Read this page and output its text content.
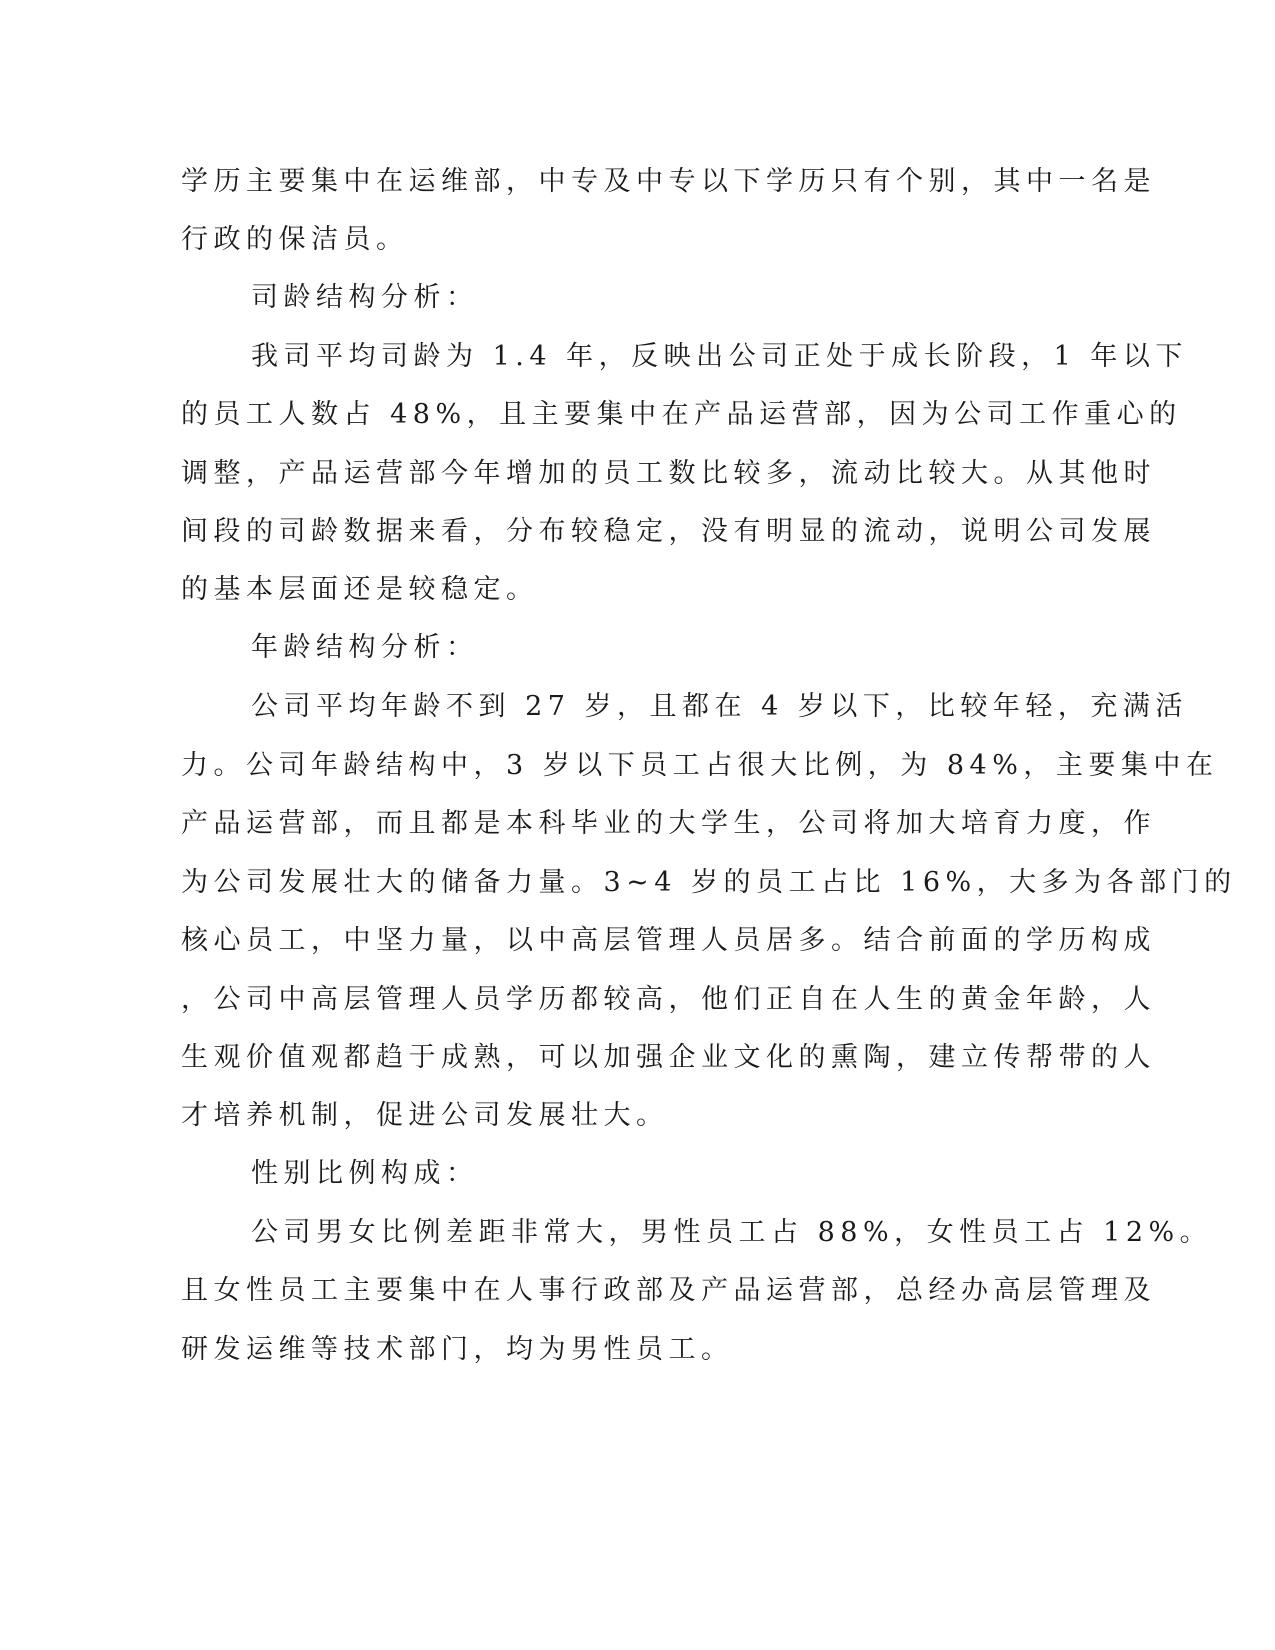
学历主要集中在运维部，中专及中专以下学历只有个别，其中一名是
行政的保洁员。
司龄结构分析：
我司平均司龄为 1.4 年，反映出公司正处于成长阶段，1 年以下
的员工人数占 48%，且主要集中在产品运营部，因为公司工作重心的
调整，产品运营部今年增加的员工数比较多，流动比较大。从其他时
间段的司龄数据来看，分布较稳定，没有明显的流动，说明公司发展
的基本层面还是较稳定。
年龄结构分析：
公司平均年龄不到 27 岁，且都在 4 岁以下，比较年轻，充满活
力。公司年龄结构中，3 岁以下员工占很大比例，为 84%，主要集中在
产品运营部，而且都是本科毕业的大学生，公司将加大培育力度，作
为公司发展壮大的储备力量。3~4 岁的员工占比 16%，大多为各部门的
核心员工，中坚力量，以中高层管理人员居多。结合前面的学历构成
，公司中高层管理人员学历都较高，他们正自在人生的黄金年龄，人
生观价值观都趋于成熟，可以加强企业文化的熏陶，建立传帮带的人
才培养机制，促进公司发展壮大。
性别比例构成：
公司男女比例差距非常大，男性员工占 88%，女性员工占 12%。
且女性员工主要集中在人事行政部及产品运营部，总经办高层管理及
研发运维等技术部门，均为男性员工。
